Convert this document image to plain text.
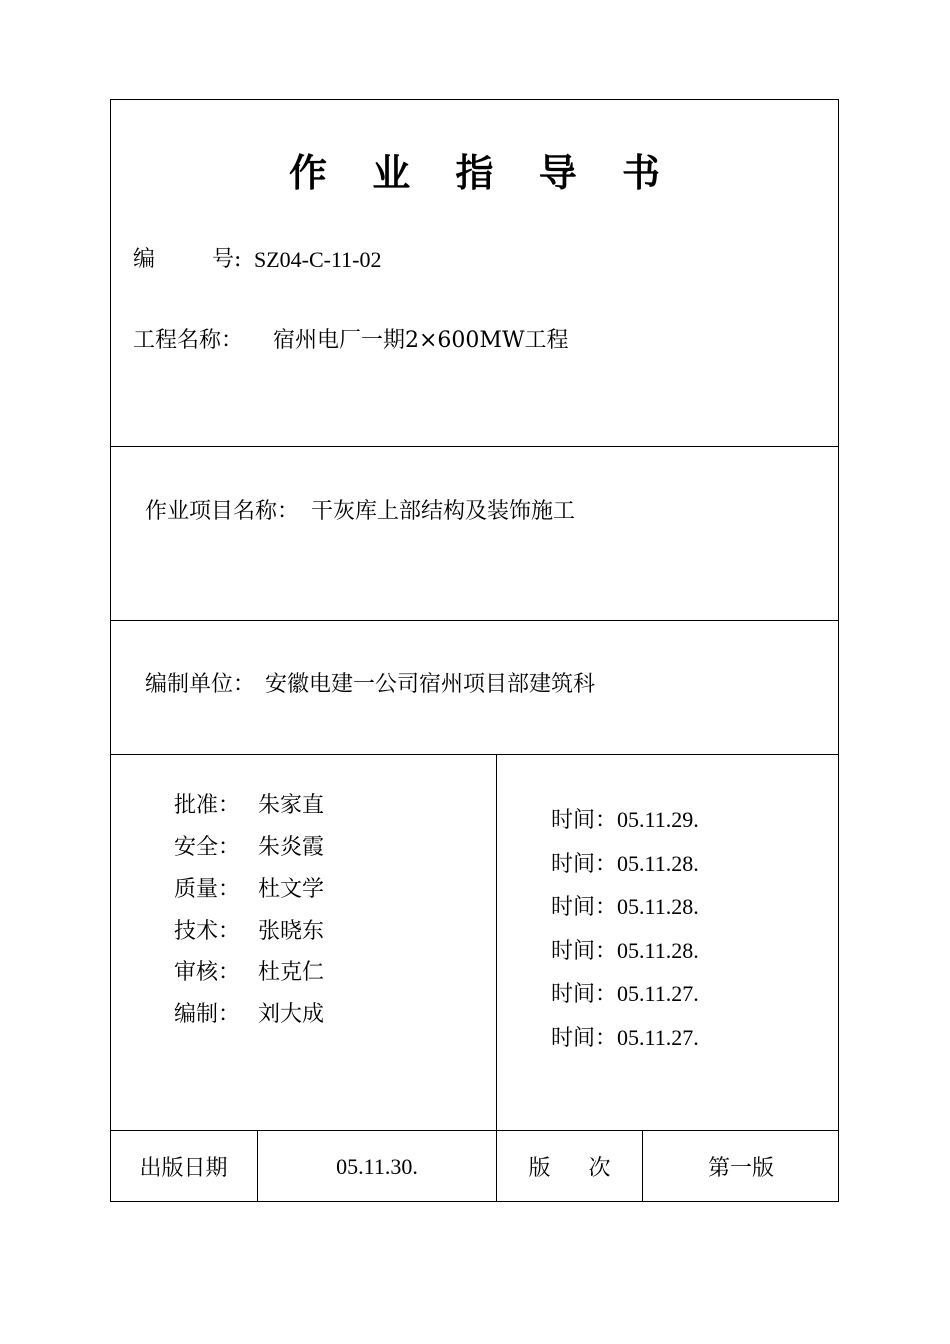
作 业 指 导 书
编	号 : SZ04-C-11-02
工程名称： 宿州电厂一期2×600MW工程
作业项目名称： 干灰库上部结构及装饰施工
编制单位： 安徽电建一公司宿州项目部建筑科
批准： 朱家直
安全： 朱炎霞
质量： 杜文学
技术： 张晓东
审核： 杜克仁
编制： 刘大成
时间：05.11.29.
时间：05.11.28.
时间：05.11.28.
时间：05.11.28.
时间：05.11.27.
时间：05.11.27.
出版日期	05.11.30.	版 次	第一版
